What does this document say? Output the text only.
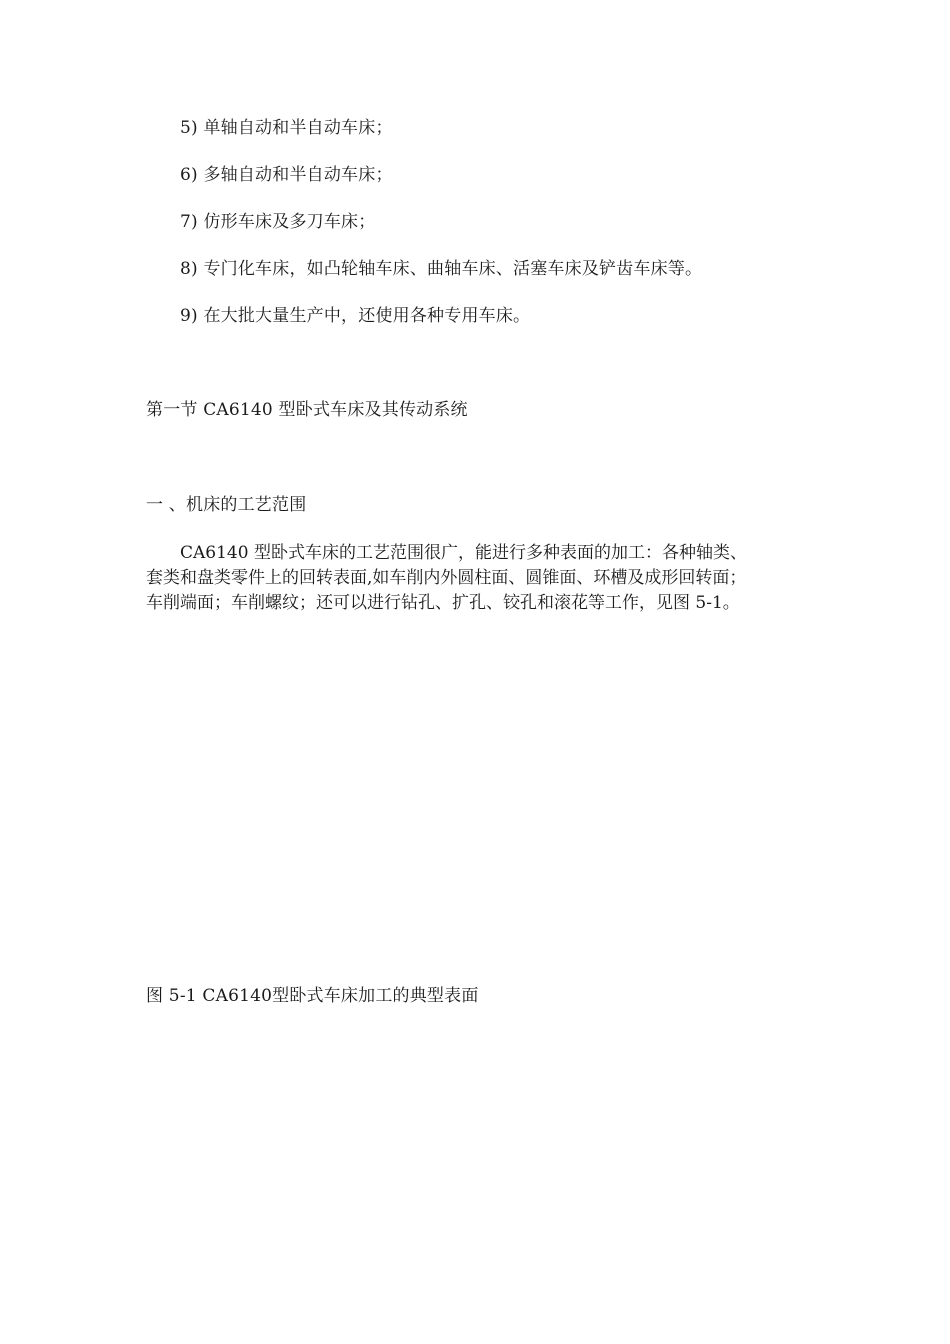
5) 单轴自动和半自动车床；
6) 多轴自动和半自动车床；
7) 仿形车床及多刀车床；
8) 专门化车床，如凸轮轴车床、曲轴车床、活塞车床及铲齿车床等。
9) 在大批大量生产中，还使用各种专用车床。
第一节 CA6140 型卧式车床及其传动系统
一 、机床的工艺范围
CA6140 型卧式车床的工艺范围很广，能进行多种表面的加工：各种轴类、
套类和盘类零件上的回转表面,如车削内外圆柱面、圆锥面、环槽及成形回转面；
车削端面；车削螺纹；还可以进行钻孔、扩孔、铰孔和滚花等工作，见图 5-1。
图 5-1 CA6140型卧式车床加工的典型表面
